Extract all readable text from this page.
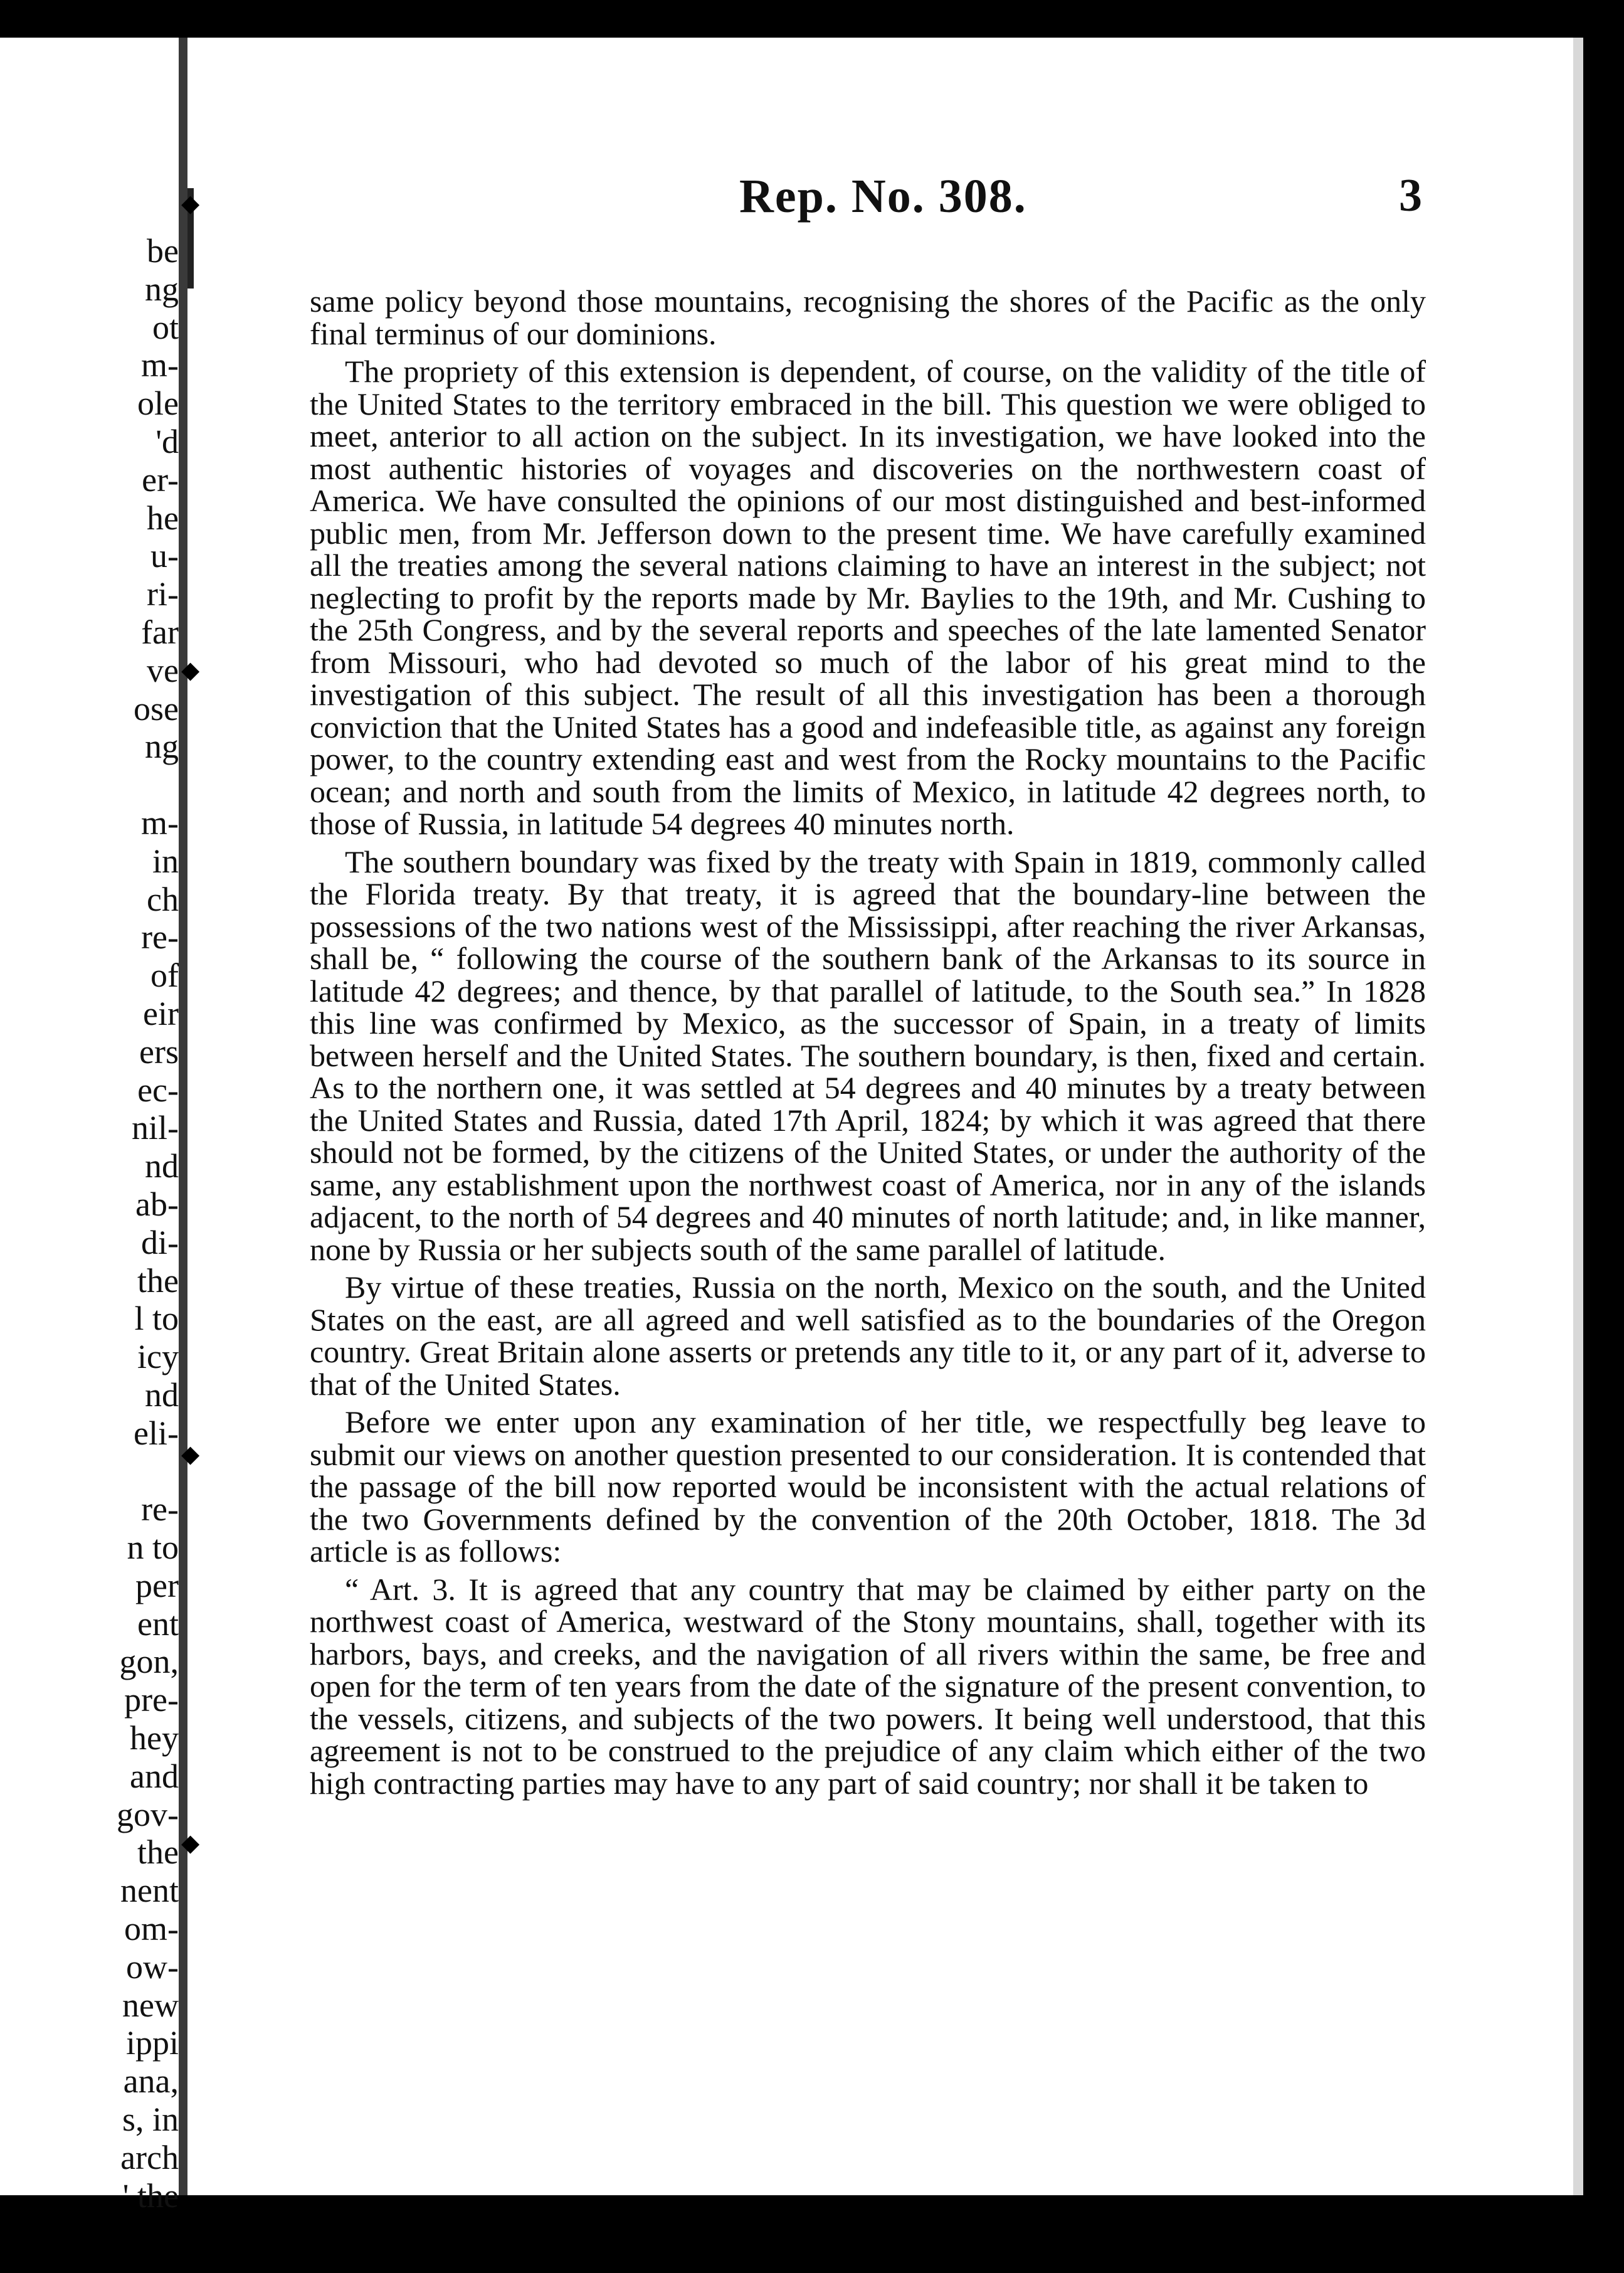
be
ng
ot
m-
ole
'd
er-
he
u-
ri-
far
ve
ose
ng
m-
in
ch
re-
of
eir
ers
ec-
nil-
nd
ab-
di-
the
l to
icy
nd
eli-
re-
n to
per
ent
gon,
pre-
hey
and
gov-
the
nent
om-
ow-
new
ippi
ana,
s, in
arch
' the
◆
◆
◆
◆
Rep. No. 308.	3

same policy beyond those mountains, recognising the shores of the Pacific as the only final terminus of our dominions.

The propriety of this extension is dependent, of course, on the validity of the title of the United States to the territory embraced in the bill. This question we were obliged to meet, anterior to all action on the subject. In its investigation, we have looked into the most authentic histories of voyages and discoveries on the northwestern coast of America. We have consulted the opinions of our most distinguished and best-informed public men, from Mr. Jefferson down to the present time. We have carefully examined all the treaties among the several nations claiming to have an interest in the subject; not neglecting to profit by the reports made by Mr. Baylies to the 19th, and Mr. Cushing to the 25th Congress, and by the several reports and speeches of the late lamented Senator from Missouri, who had devoted so much of the labor of his great mind to the investigation of this subject. The result of all this investigation has been a thorough conviction that the United States has a good and indefeasible title, as against any foreign power, to the country extending east and west from the Rocky mountains to the Pacific ocean; and north and south from the limits of Mexico, in latitude 42 degrees north, to those of Russia, in latitude 54 degrees 40 minutes north.

The southern boundary was fixed by the treaty with Spain in 1819, commonly called the Florida treaty. By that treaty, it is agreed that the boundary-line between the possessions of the two nations west of the Mississippi, after reaching the river Arkansas, shall be, “ following the course of the southern bank of the Arkansas to its source in latitude 42 degrees; and thence, by that parallel of latitude, to the South sea.” In 1828 this line was confirmed by Mexico, as the successor of Spain, in a treaty of limits between herself and the United States. The southern boundary, is then, fixed and certain. As to the northern one, it was settled at 54 degrees and 40 minutes by a treaty between the United States and Russia, dated 17th April, 1824; by which it was agreed that there should not be formed, by the citizens of the United States, or under the authority of the same, any establishment upon the northwest coast of America, nor in any of the islands adjacent, to the north of 54 degrees and 40 minutes of north latitude; and, in like manner, none by Russia or her subjects south of the same parallel of latitude.

By virtue of these treaties, Russia on the north, Mexico on the south, and the United States on the east, are all agreed and well satisfied as to the boundaries of the Oregon country. Great Britain alone asserts or pretends any title to it, or any part of it, adverse to that of the United States.

Before we enter upon any examination of her title, we respectfully beg leave to submit our views on another question presented to our consideration. It is contended that the passage of the bill now reported would be inconsistent with the actual relations of the two Governments defined by the convention of the 20th October, 1818. The 3d article is as follows:

“ Art. 3. It is agreed that any country that may be claimed by either party on the northwest coast of America, westward of the Stony mountains, shall, together with its harbors, bays, and creeks, and the navigation of all rivers within the same, be free and open for the term of ten years from the date of the signature of the present convention, to the vessels, citizens, and subjects of the two powers. It being well understood, that this agreement is not to be construed to the prejudice of any claim which either of the two high contracting parties may have to any part of said country; nor shall it be taken to
